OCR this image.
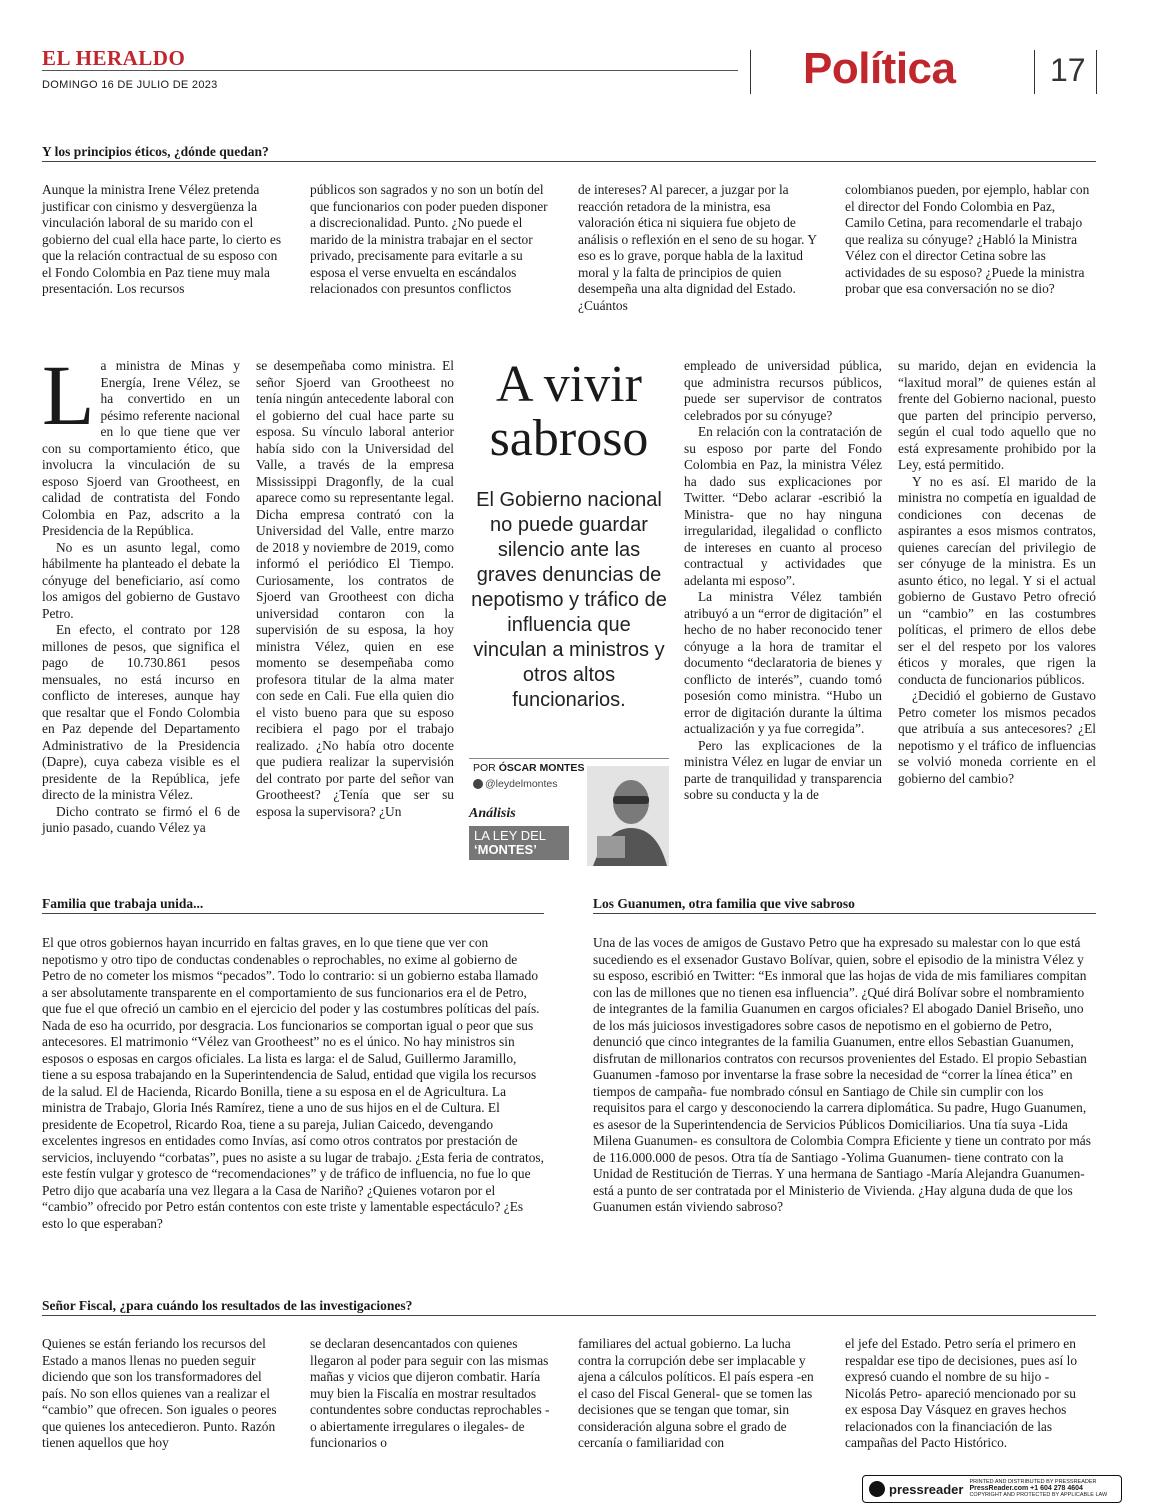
EL HERALDO
DOMINGO 16 DE JULIO DE 2023	Política	17
Y los principios éticos, ¿dónde quedan?

Aunque la ministra Irene Vélez pretenda justificar con cinismo y desvergüenza la vinculación laboral de su marido con el gobierno del cual ella hace parte, lo cierto es que la relación contractual de su esposo con el Fondo Colombia en Paz tiene muy mala presentación. Los recursos

públicos son sagrados y no son un botín del que funcionarios con poder pueden disponer a discrecionalidad. Punto. ¿No puede el marido de la ministra trabajar en el sector privado, precisamente para evitarle a su esposa el verse envuelta en escándalos relacionados con presuntos conflictos

de intereses? Al parecer, a juzgar por la reacción retadora de la ministra, esa valoración ética ni siquiera fue objeto de análisis o reflexión en el seno de su hogar. Y eso es lo grave, porque habla de la laxitud moral y la falta de principios de quien desempeña una alta dignidad del Estado. ¿Cuántos

colombianos pueden, por ejemplo, hablar con el director del Fondo Colombia en Paz, Camilo Cetina, para recomendarle el trabajo que realiza su cónyuge? ¿Habló la Ministra Vélez con el director Cetina sobre las actividades de su esposo? ¿Puede la ministra probar que esa conversación no se dio?

L a ministra de Minas y Energía, Irene Vélez, se ha convertido en un pésimo referente nacional en lo que tiene que ver con su comportamiento ético, que involucra la vinculación de su esposo Sjoerd van Grootheest, en calidad de contratista del Fondo Colombia en Paz, adscrito a la Presidencia de la República.

No es un asunto legal, como hábilmente ha planteado el debate la cónyuge del beneficiario, así como los amigos del gobierno de Gustavo Petro.

En efecto, el contrato por 128 millones de pesos, que significa el pago de 10.730.861 pesos mensuales, no está incurso en conflicto de intereses, aunque hay que resaltar que el Fondo Colombia en Paz depende del Departamento Administrativo de la Presidencia (Dapre), cuya cabeza visible es el presidente de la República, jefe directo de la ministra Vélez.

Dicho contrato se firmó el 6 de junio pasado, cuando Vélez ya

se desempeñaba como ministra. El señor Sjoerd van Grootheest no tenía ningún antecedente laboral con el gobierno del cual hace parte su esposa. Su vínculo laboral anterior había sido con la Universidad del Valle, a través de la empresa Mississippi Dragonfly, de la cual aparece como su representante legal. Dicha empresa contrató con la Universidad del Valle, entre marzo de 2018 y noviembre de 2019, como informó el periódico El Tiempo. Curiosamente, los contratos de Sjoerd van Grootheest con dicha universidad contaron con la supervisión de su esposa, la hoy ministra Vélez, quien en ese momento se desempeñaba como profesora titular de la alma mater con sede en Cali. Fue ella quien dio el visto bueno para que su esposo recibiera el pago por el trabajo realizado. ¿No había otro docente que pudiera realizar la supervisión del contrato por parte del señor van Grootheest? ¿Tenía que ser su esposa la supervisora? ¿Un

A vivir
sabroso
El Gobierno nacional no puede guardar silencio ante las graves denuncias de nepotismo y tráfico de influencia que vinculan a ministros y otros altos funcionarios.
POR ÓSCAR MONTES
@leydelmontes
Análisis
LA LEY DEL
‘MONTES’

empleado de universidad pública, que administra recursos públicos, puede ser supervisor de contratos celebrados por su cónyuge?

En relación con la contratación de su esposo por parte del Fondo Colombia en Paz, la ministra Vélez ha dado sus explicaciones por Twitter. “Debo aclarar -escribió la Ministra- que no hay ninguna irregularidad, ilegalidad o conflicto de intereses en cuanto al proceso contractual y actividades que adelanta mi esposo”.

La ministra Vélez también atribuyó a un “error de digitación” el hecho de no haber reconocido tener cónyuge a la hora de tramitar el documento “declaratoria de bienes y conflicto de interés”, cuando tomó posesión como ministra. “Hubo un error de digitación durante la última actualización y ya fue corregida”.

Pero las explicaciones de la ministra Vélez en lugar de enviar un parte de tranquilidad y transparencia sobre su conducta y la de

su marido, dejan en evidencia la “laxitud moral” de quienes están al frente del Gobierno nacional, puesto que parten del principio perverso, según el cual todo aquello que no está expresamente prohibido por la Ley, está permitido.

Y no es así. El marido de la ministra no competía en igualdad de condiciones con decenas de aspirantes a esos mismos contratos, quienes carecían del privilegio de ser cónyuge de la ministra. Es un asunto ético, no legal. Y si el actual gobierno de Gustavo Petro ofreció un “cambio” en las costumbres políticas, el primero de ellos debe ser el del respeto por los valores éticos y morales, que rigen la conducta de funcionarios públicos.

¿Decidió el gobierno de Gustavo Petro cometer los mismos pecados que atribuía a sus antecesores? ¿El nepotismo y el tráfico de influencias se volvió moneda corriente en el gobierno del cambio?

Familia que trabaja unida...

El que otros gobiernos hayan incurrido en faltas graves, en lo que tiene que ver con nepotismo y otro tipo de conductas condenables o reprochables, no exime al gobierno de Petro de no cometer los mismos “pecados”. Todo lo contrario: si un gobierno estaba llamado a ser absolutamente transparente en el comportamiento de sus funcionarios era el de Petro, que fue el que ofreció un cambio en el ejercicio del poder y las costumbres políticas del país. Nada de eso ha ocurrido, por desgracia. Los funcionarios se comportan igual o peor que sus antecesores. El matrimonio “Vélez van Grootheest” no es el único. No hay ministros sin esposos o esposas en cargos oficiales. La lista es larga: el de Salud, Guillermo Jaramillo, tiene a su esposa trabajando en la Superintendencia de Salud, entidad que vigila los recursos de la salud. El de Hacienda, Ricardo Bonilla, tiene a su esposa en el de Agricultura. La ministra de Trabajo, Gloria Inés Ramírez, tiene a uno de sus hijos en el de Cultura. El presidente de Ecopetrol, Ricardo Roa, tiene a su pareja, Julian Caicedo, devengando excelentes ingresos en entidades como Invías, así como otros contratos por prestación de servicios, incluyendo “corbatas”, pues no asiste a su lugar de trabajo. ¿Esta feria de contratos, este festín vulgar y grotesco de “recomendaciones” y de tráfico de influencia, no fue lo que Petro dijo que acabaría una vez llegara a la Casa de Nariño? ¿Quienes votaron por el “cambio” ofrecido por Petro están contentos con este triste y lamentable espectáculo? ¿Es esto lo que esperaban?

Los Guanumen, otra familia que vive sabroso

Una de las voces de amigos de Gustavo Petro que ha expresado su malestar con lo que está sucediendo es el exsenador Gustavo Bolívar, quien, sobre el episodio de la ministra Vélez y su esposo, escribió en Twitter: “Es inmoral que las hojas de vida de mis familiares compitan con las de millones que no tienen esa influencia”. ¿Qué dirá Bolívar sobre el nombramiento de integrantes de la familia Guanumen en cargos oficiales? El abogado Daniel Briseño, uno de los más juiciosos investigadores sobre casos de nepotismo en el gobierno de Petro, denunció que cinco integrantes de la familia Guanumen, entre ellos Sebastian Guanumen, disfrutan de millonarios contratos con recursos provenientes del Estado. El propio Sebastian Guanumen -famoso por inventarse la frase sobre la necesidad de “correr la línea ética” en tiempos de campaña- fue nombrado cónsul en Santiago de Chile sin cumplir con los requisitos para el cargo y desconociendo la carrera diplomática. Su padre, Hugo Guanumen, es asesor de la Superintendencia de Servicios Públicos Domiciliarios. Una tía suya -Lida Milena Guanumen- es consultora de Colombia Compra Eficiente y tiene un contrato por más de 116.000.000 de pesos. Otra tía de Santiago -Yolima Guanumen- tiene contrato con la Unidad de Restitución de Tierras. Y una hermana de Santiago -María Alejandra Guanumen- está a punto de ser contratada por el Ministerio de Vivienda. ¿Hay alguna duda de que los Guanumen están viviendo sabroso?

Señor Fiscal, ¿para cuándo los resultados de las investigaciones?

Quienes se están feriando los recursos del Estado a manos llenas no pueden seguir diciendo que son los transformadores del país. No son ellos quienes van a realizar el “cambio” que ofrecen. Son iguales o peores que quienes los antecedieron. Punto. Razón tienen aquellos que hoy

se declaran desencantados con quienes llegaron al poder para seguir con las mismas mañas y vicios que dijeron combatir. Haría muy bien la Fiscalía en mostrar resultados contundentes sobre conductas reprochables -o abiertamente irregulares o ilegales- de funcionarios o

familiares del actual gobierno. La lucha contra la corrupción debe ser implacable y ajena a cálculos políticos. El país espera -en el caso del Fiscal General- que se tomen las decisiones que se tengan que tomar, sin consideración alguna sobre el grado de cercanía o familiaridad con

el jefe del Estado. Petro sería el primero en respaldar ese tipo de decisiones, pues así lo expresó cuando el nombre de su hijo -Nicolás Petro- apareció mencionado por su ex esposa Day Vásquez en graves hechos relacionados con la financiación de las campañas del Pacto Histórico.

pressreader PRINTED AND DISTRIBUTED BY PRESSREADER
PressReader.com +1 604 278 4604
COPYRIGHT AND PROTECTED BY APPLICABLE LAW
